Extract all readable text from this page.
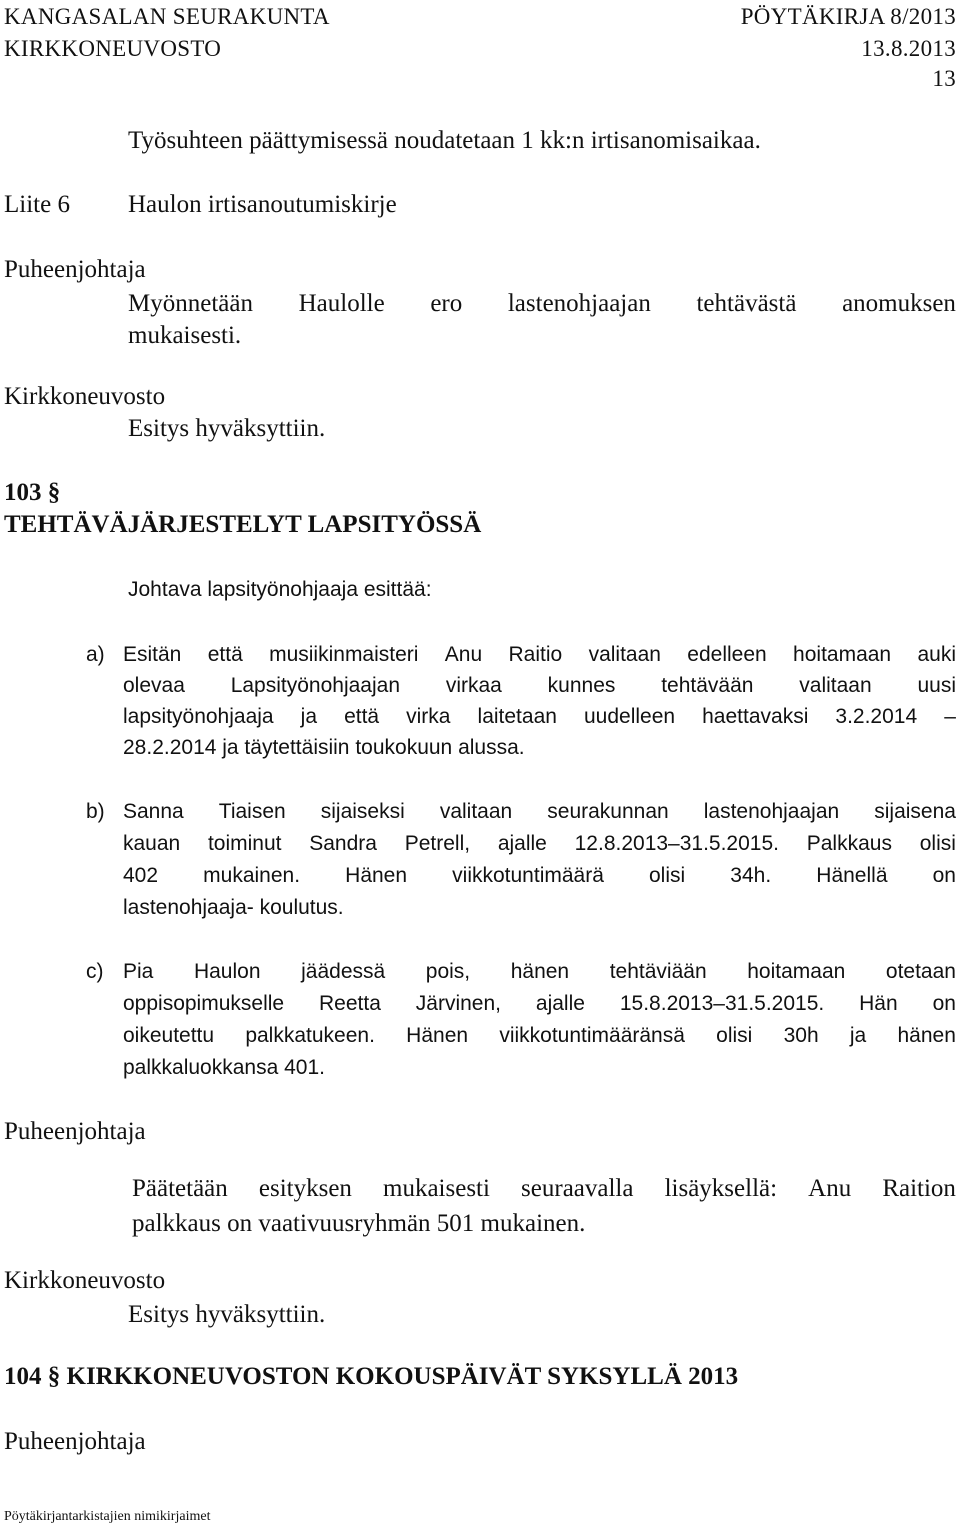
KANGASALAN SEURAKUNTA
KIRKKONEUVOSTO
PÖYTÄKIRJA 8/2013
13.8.2013
13
Työsuhteen päättymisessä noudatetaan 1 kk:n irtisanomisaikaa.
Liite 6 Haulon irtisanoutumiskirje
Puheenjohtaja
Myönnetään Haulolle ero lastenohjaajan tehtävästä anomuksen
mukaisesti.
Kirkkoneuvosto
Esitys hyväksyttiin.
103 §
TEHTÄVÄJÄRJESTELYT LAPSITYÖSSÄ
Johtava lapsityönohjaaja esittää:
a) Esitän että musiikinmaisteri Anu Raitio valitaan edelleen hoitamaan auki
olevaa Lapsityönohjaajan virkaa kunnes tehtävään valitaan uusi
lapsityönohjaaja ja että virka laitetaan uudelleen haettavaksi 3.2.2014 –
28.2.2014 ja täytettäisiin toukokuun alussa.
b) Sanna Tiaisen sijaiseksi valitaan seurakunnan lastenohjaajan sijaisena
kauan toiminut Sandra Petrell, ajalle 12.8.2013–31.5.2015. Palkkaus olisi
402 mukainen. Hänen viikkotuntimäärä olisi 34h. Hänellä on
lastenohjaaja- koulutus.
c) Pia Haulon jäädessä pois, hänen tehtäviään hoitamaan otetaan
oppisopimukselle Reetta Järvinen, ajalle 15.8.2013–31.5.2015. Hän on
oikeutettu palkkatukeen. Hänen viikkotuntimääränsä olisi 30h ja hänen
palkkaluokkansa 401.
Puheenjohtaja
Päätetään esityksen mukaisesti seuraavalla lisäyksellä: Anu Raition
palkkaus on vaativuusryhmän 501 mukainen.
Kirkkoneuvosto
Esitys hyväksyttiin.
104 § KIRKKONEUVOSTON KOKOUSPÄIVÄT SYKSYLLÄ 2013
Puheenjohtaja
Pöytäkirjantarkistajien nimikirjaimet
